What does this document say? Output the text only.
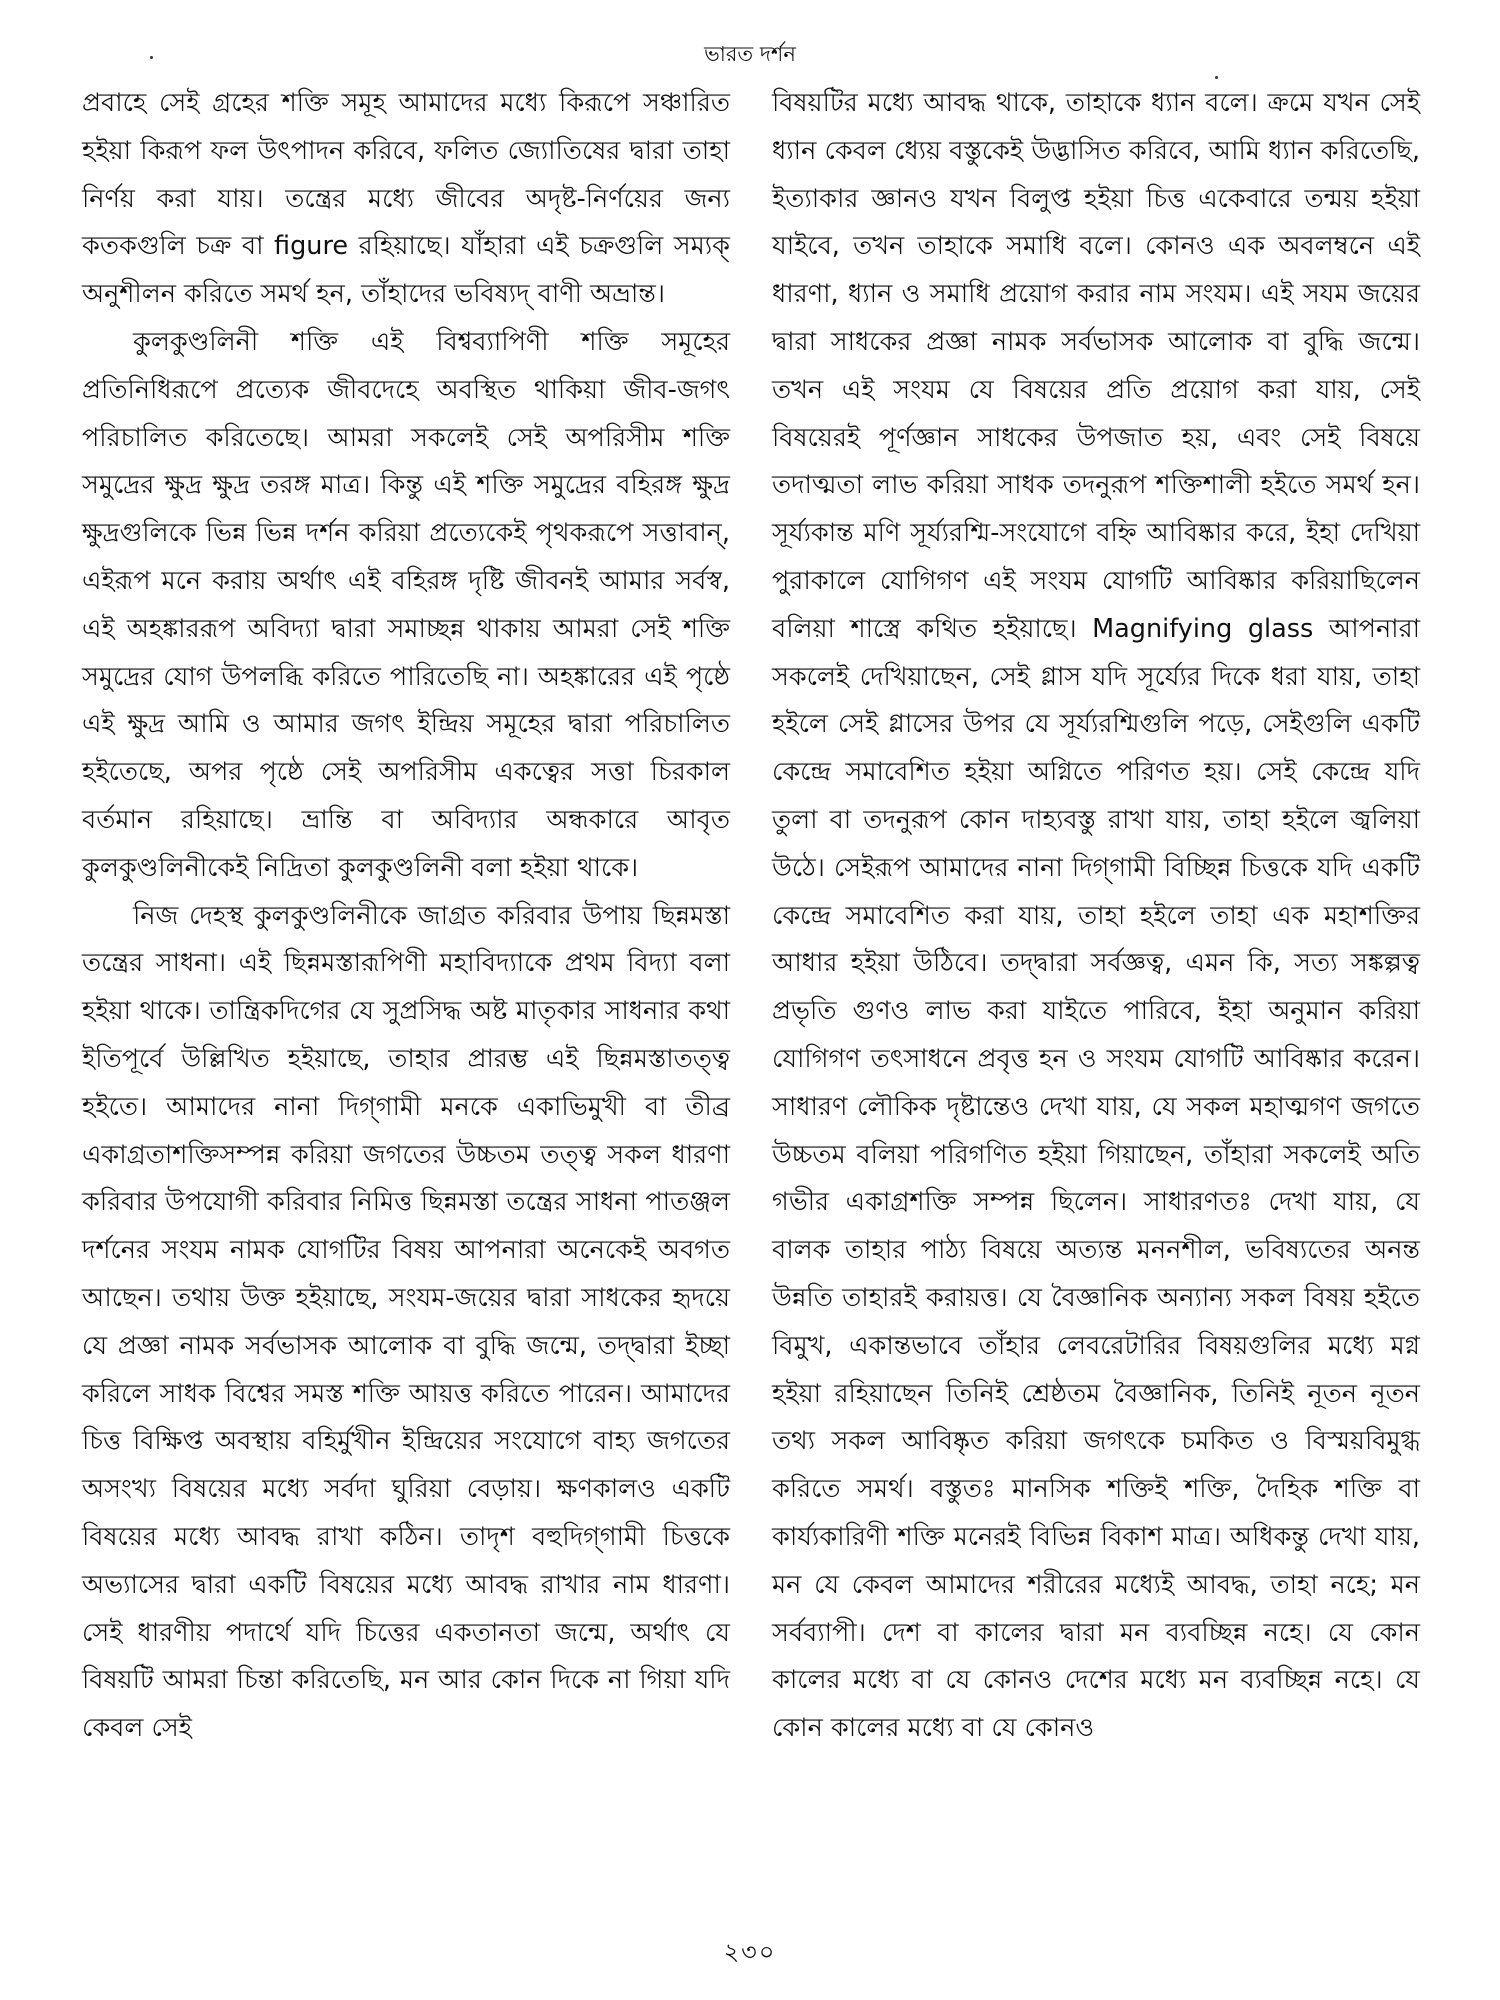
ভারত দর্শন

প্রবাহে সেই গ্রহের শক্তি সমূহ আমাদের মধ্যে কিরূপে সঞ্চারিত হইয়া কিরূপ ফল উৎপাদন করিবে, ফলিত জ্যোতিষের দ্বারা তাহা নির্ণয় করা যায়। তন্ত্রের মধ্যে জীবের অদৃষ্ট-নির্ণয়ের জন্য কতকগুলি চক্র বা figure রহিয়াছে। যাঁহারা এই চক্রগুলি সম্যক্ অনুশীলন করিতে সমর্থ হন, তাঁহাদের ভবিষ্যদ্ বাণী অভ্রান্ত।

কুলকুণ্ডলিনী শক্তি এই বিশ্বব্যাপিণী শক্তি সমূহের প্রতিনিধিরূপে প্রত্যেক জীবদেহে অবস্থিত থাকিয়া জীব-জগৎ পরিচালিত করিতেছে। আমরা সকলেই সেই অপরিসীম শক্তি সমুদ্রের ক্ষুদ্র ক্ষুদ্র তরঙ্গ মাত্র। কিন্তু এই শক্তি সমুদ্রের বহিরঙ্গ ক্ষুদ্র ক্ষুদ্রগুলিকে ভিন্ন ভিন্ন দর্শন করিয়া প্রত্যেকেই পৃথকরূপে সত্তাবান্, এইরূপ মনে করায় অর্থাৎ এই বহিরঙ্গ দৃষ্টি জীবনই আমার সর্বস্ব, এই অহঙ্কাররূপ অবিদ্যা দ্বারা সমাচ্ছন্ন থাকায় আমরা সেই শক্তি সমুদ্রের যোগ উপলব্ধি করিতে পারিতেছি না। অহঙ্কারের এই পৃষ্ঠে এই ক্ষুদ্র আমি ও আমার জগৎ ইন্দ্রিয় সমূহের দ্বারা পরিচালিত হইতেছে, অপর পৃষ্ঠে সেই অপরিসীম একত্বের সত্তা চিরকাল বর্তমান রহিয়াছে। ভ্রান্তি বা অবিদ্যার অন্ধকারে আবৃত কুলকুণ্ডলিনীকেই নিদ্রিতা কুলকুণ্ডলিনী বলা হইয়া থাকে।

নিজ দেহস্থ কুলকুণ্ডলিনীকে জাগ্রত করিবার উপায় ছিন্নমস্তা তন্ত্রের সাধনা। এই ছিন্নমস্তারূপিণী মহাবিদ্যাকে প্রথম বিদ্যা বলা হইয়া থাকে। তান্ত্রিকদিগের যে সুপ্রসিদ্ধ অষ্ট মাতৃকার সাধনার কথা ইতিপূর্বে উল্লিখিত হইয়াছে, তাহার প্রারম্ভ এই ছিন্নমস্তাতত্ত্ব হইতে। আমাদের নানা দিগ্‌গামী মনকে একাভিমুখী বা তীব্র একাগ্রতাশক্তিসম্পন্ন করিয়া জগতের উচ্চতম তত্ত্ব সকল ধারণা করিবার উপযোগী করিবার নিমিত্ত ছিন্নমস্তা তন্ত্রের সাধনা পাতঞ্জল দর্শনের সংযম নামক যোগটির বিষয় আপনারা অনেকেই অবগত আছেন। তথায় উক্ত হইয়াছে, সংযম-জয়ের দ্বারা সাধকের হৃদয়ে যে প্রজ্ঞা নামক সর্বভাসক আলোক বা বুদ্ধি জন্মে, তদ্দ্বারা ইচ্ছা করিলে সাধক বিশ্বের সমস্ত শক্তি আয়ত্ত করিতে পারেন। আমাদের চিত্ত বিক্ষিপ্ত অবস্থায় বহির্মুখীন ইন্দ্রিয়ের সংযোগে বাহ্য জগতের অসংখ্য বিষয়ের মধ্যে সর্বদা ঘুরিয়া বেড়ায়। ক্ষণকালও একটি বিষয়ের মধ্যে আবদ্ধ রাখা কঠিন। তাদৃশ বহুদিগ্‌গামী চিত্তকে অভ্যাসের দ্বারা একটি বিষয়ের মধ্যে আবদ্ধ রাখার নাম ধারণা। সেই ধারণীয় পদার্থে যদি চিত্তের একতানতা জন্মে, অর্থাৎ যে বিষয়টি আমরা চিন্তা করিতেছি, মন আর কোন দিকে না গিয়া যদি কেবল সেই

বিষয়টির মধ্যে আবদ্ধ থাকে, তাহাকে ধ্যান বলে। ক্রমে যখন সেই ধ্যান কেবল ধ্যেয় বস্তুকেই উদ্ভাসিত করিবে, আমি ধ্যান করিতেছি, ইত্যাকার জ্ঞানও যখন বিলুপ্ত হইয়া চিত্ত একেবারে তন্ময় হইয়া যাইবে, তখন তাহাকে সমাধি বলে। কোনও এক অবলম্বনে এই ধারণা, ধ্যান ও সমাধি প্রয়োগ করার নাম সংযম। এই সযম জয়ের দ্বারা সাধকের প্রজ্ঞা নামক সর্বভাসক আলোক বা বুদ্ধি জন্মে। তখন এই সংযম যে বিষয়ের প্রতি প্রয়োগ করা যায়, সেই বিষয়েরই পূর্ণজ্ঞান সাধকের উপজাত হয়, এবং সেই বিষয়ে তদাত্মতা লাভ করিয়া সাধক তদনুরূপ শক্তিশালী হইতে সমর্থ হন। সূর্য্যকান্ত মণি সূর্য্যরশ্মি-সংযোগে বহ্নি আবিষ্কার করে, ইহা দেখিয়া পুরাকালে যোগিগণ এই সংযম যোগটি আবিষ্কার করিয়াছিলেন বলিয়া শাস্ত্রে কথিত হইয়াছে। Magnifying glass আপনারা সকলেই দেখিয়াছেন, সেই গ্লাস যদি সূর্য্যের দিকে ধরা যায়, তাহা হইলে সেই গ্লাসের উপর যে সূর্য্যরশ্মিগুলি পড়ে, সেইগুলি একটি কেন্দ্রে সমাবেশিত হইয়া অগ্নিতে পরিণত হয়। সেই কেন্দ্রে যদি তুলা বা তদনুরূপ কোন দাহ্যবস্তু রাখা যায়, তাহা হইলে জ্বলিয়া উঠে। সেইরূপ আমাদের নানা দিগ্‌গামী বিচ্ছিন্ন চিত্তকে যদি একটি কেন্দ্রে সমাবেশিত করা যায়, তাহা হইলে তাহা এক মহাশক্তির আধার হইয়া উঠিবে। তদ্দ্বারা সর্বজ্ঞত্ব, এমন কি, সত্য সঙ্কল্পত্ব প্রভৃতি গুণও লাভ করা যাইতে পারিবে, ইহা অনুমান করিয়া যোগিগণ তৎসাধনে প্রবৃত্ত হন ও সংযম যোগটি আবিষ্কার করেন। সাধারণ লৌকিক দৃষ্টান্তেও দেখা যায়, যে সকল মহাত্মগণ জগতে উচ্চতম বলিয়া পরিগণিত হইয়া গিয়াছেন, তাঁহারা সকলেই অতি গভীর একাগ্রশক্তি সম্পন্ন ছিলেন। সাধারণতঃ দেখা যায়, যে বালক তাহার পাঠ্য বিষয়ে অত্যন্ত মননশীল, ভবিষ্যতের অনন্ত উন্নতি তাহারই করায়ত্ত। যে বৈজ্ঞানিক অন্যান্য সকল বিষয় হইতে বিমুখ, একান্তভাবে তাঁহার লেবরেটারির বিষয়গুলির মধ্যে মগ্ন হইয়া রহিয়াছেন তিনিই শ্রেষ্ঠতম বৈজ্ঞানিক, তিনিই নূতন নূতন তথ্য সকল আবিষ্কৃত করিয়া জগৎকে চমকিত ও বিস্ময়বিমুগ্ধ করিতে সমর্থ। বস্তুতঃ মানসিক শক্তিই শক্তি, দৈহিক শক্তি বা কার্য্যকারিণী শক্তি মনেরই বিভিন্ন বিকাশ মাত্র। অধিকন্তু দেখা যায়, মন যে কেবল আমাদের শরীরের মধ্যেই আবদ্ধ, তাহা নহে; মন সর্বব্যাপী। দেশ বা কালের দ্বারা মন ব্যবচ্ছিন্ন নহে। যে কোন কালের মধ্যে বা যে কোনও দেশের মধ্যে মন ব্যবচ্ছিন্ন নহে। যে কোন কালের মধ্যে বা যে কোনও

২৩০
